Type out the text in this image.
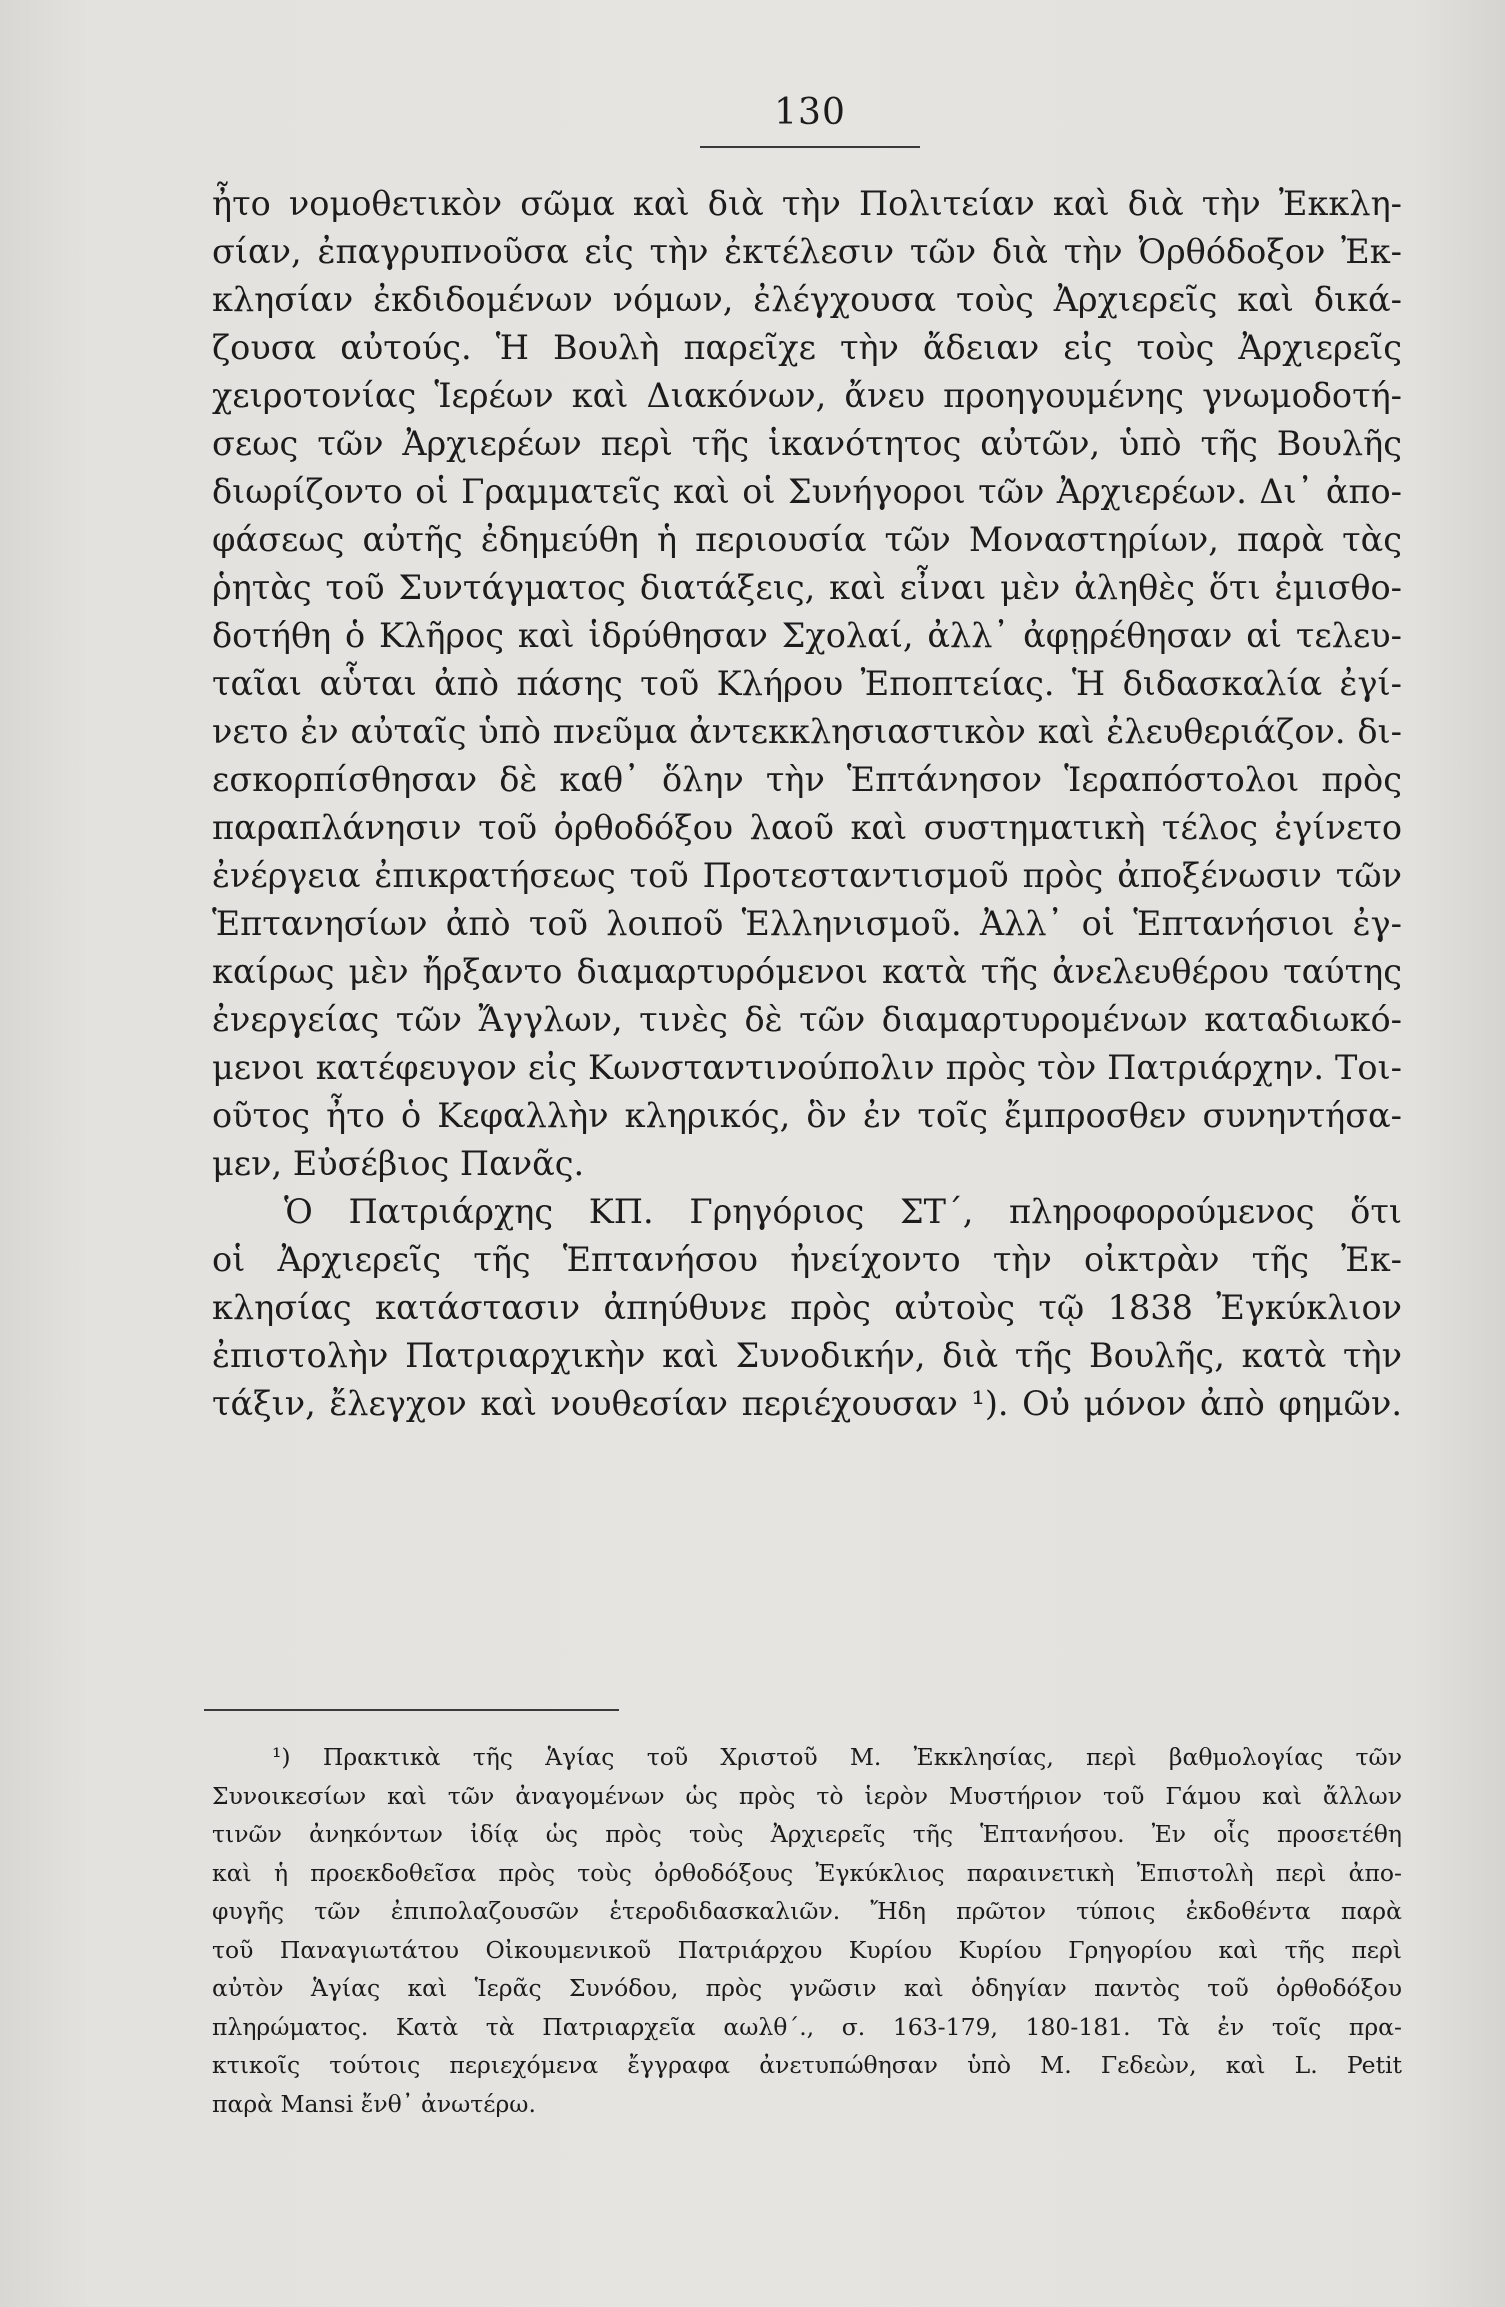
130
ἦτο νομοθετικὸν σῶμα καὶ διὰ τὴν Πολιτείαν καὶ διὰ τὴν Ἐκκλη-
σίαν, ἐπαγρυπνοῦσα εἰς τὴν ἐκτέλεσιν τῶν διὰ τὴν Ὀρθόδοξον Ἐκ-
κλησίαν ἐκδιδομένων νόμων, ἐλέγχουσα τοὺς Ἀρχιερεῖς καὶ δικά-
ζουσα αὐτούς. Ἡ Βουλὴ παρεῖχε τὴν ἄδειαν εἰς τοὺς Ἀρχιερεῖς
χειροτονίας Ἱερέων καὶ Διακόνων, ἄνευ προηγουμένης γνωμοδοτή-
σεως τῶν Ἀρχιερέων περὶ τῆς ἱκανότητος αὐτῶν, ὑπὸ τῆς Βουλῆς
διωρίζοντο οἱ Γραμματεῖς καὶ οἱ Συνήγοροι τῶν Ἀρχιερέων. Δι᾽ ἀπο-
φάσεως αὐτῆς ἐδημεύθη ἡ περιουσία τῶν Μοναστηρίων, παρὰ τὰς
ῥητὰς τοῦ Συντάγματος διατάξεις, καὶ εἶναι μὲν ἀληθὲς ὅτι ἐμισθο-
δοτήθη ὁ Κλῆρος καὶ ἱδρύθησαν Σχολαί, ἀλλ᾽ ἀφῃρέθησαν αἱ τελευ-
ταῖαι αὗται ἀπὸ πάσης τοῦ Κλήρου Ἐποπτείας. Ἡ διδασκαλία ἐγί-
νετο ἐν αὐταῖς ὑπὸ πνεῦμα ἀντεκκλησιαστικὸν καὶ ἐλευθεριάζον. δι-
εσκορπίσθησαν δὲ καθ᾽ ὅλην τὴν Ἑπτάνησον Ἱεραπόστολοι πρὸς
παραπλάνησιν τοῦ ὀρθοδόξου λαοῦ καὶ συστηματικὴ τέλος ἐγίνετο
ἐνέργεια ἐπικρατήσεως τοῦ Προτεσταντισμοῦ πρὸς ἀποξένωσιν τῶν
Ἑπτανησίων ἀπὸ τοῦ λοιποῦ Ἑλληνισμοῦ. Ἀλλ᾽ οἱ Ἑπτανήσιοι ἐγ-
καίρως μὲν ἤρξαντο διαμαρτυρόμενοι κατὰ τῆς ἀνελευθέρου ταύτης
ἐνεργείας τῶν Ἄγγλων, τινὲς δὲ τῶν διαμαρτυρομένων καταδιωκό-
μενοι κατέφευγον εἰς Κωνσταντινούπολιν πρὸς τὸν Πατριάρχην. Τοι-
οῦτος ἦτο ὁ Κεφαλλὴν κληρικός, ὃν ἐν τοῖς ἔμπροσθεν συνηντήσα-
μεν, Εὐσέβιος Πανᾶς.
Ὁ Πατριάρχης ΚΠ. Γρηγόριος ΣΤ΄, πληροφορούμενος ὅτι
οἱ Ἀρχιερεῖς τῆς Ἑπτανήσου ἠνείχοντο τὴν οἰκτρὰν τῆς Ἐκ-
κλησίας κατάστασιν ἀπηύθυνε πρὸς αὐτοὺς τῷ 1838 Ἐγκύκλιον
ἐπιστολὴν Πατριαρχικὴν καὶ Συνοδικήν, διὰ τῆς Βουλῆς, κατὰ τὴν
τάξιν, ἔλεγχον καὶ νουθεσίαν περιέχουσαν ¹). Οὐ μόνον ἀπὸ φημῶν.
¹) Πρακτικὰ τῆς Ἁγίας τοῦ Χριστοῦ Μ. Ἐκκλησίας, περὶ βαθμολογίας τῶν
Συνοικεσίων καὶ τῶν ἀναγομένων ὡς πρὸς τὸ ἱερὸν Μυστήριον τοῦ Γάμου καὶ ἄλλων
τινῶν ἀνηκόντων ἰδίᾳ ὡς πρὸς τοὺς Ἀρχιερεῖς τῆς Ἑπτανήσου. Ἐν οἷς προσετέθη
καὶ ἡ προεκδοθεῖσα πρὸς τοὺς ὀρθοδόξους Ἐγκύκλιος παραινετικὴ Ἐπιστολὴ περὶ ἀπο-
φυγῆς τῶν ἐπιπολαζουσῶν ἑτεροδιδασκαλιῶν. Ἤδη πρῶτον τύποις ἐκδοθέντα παρὰ
τοῦ Παναγιωτάτου Οἰκουμενικοῦ Πατριάρχου Κυρίου Κυρίου Γρηγορίου καὶ τῆς περὶ
αὐτὸν Ἁγίας καὶ Ἱερᾶς Συνόδου, πρὸς γνῶσιν καὶ ὁδηγίαν παντὸς τοῦ ὀρθοδόξου
πληρώματος. Κατὰ τὰ Πατριαρχεῖα αωλθ΄., σ. 163-179, 180-181. Τὰ ἐν τοῖς πρα-
κτικοῖς τούτοις περιεχόμενα ἔγγραφα ἀνετυπώθησαν ὑπὸ Μ. Γεδεὼν, καὶ L. Petit
παρὰ Mansi ἔνθ᾽ ἀνωτέρω.
